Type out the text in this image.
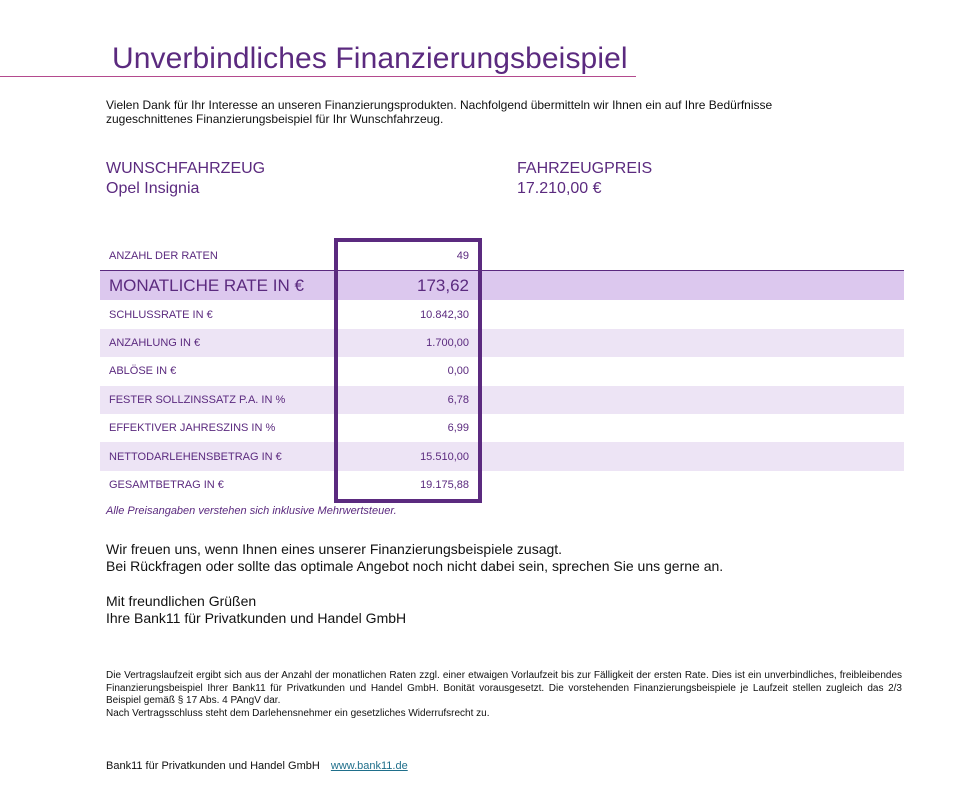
Unverbindliches Finanzierungsbeispiel
Vielen Dank für Ihr Interesse an unseren Finanzierungsprodukten. Nachfolgend übermitteln wir Ihnen ein auf Ihre Bedürfnisse
zugeschnittenes Finanzierungsbeispiel für Ihr Wunschfahrzeug.
WUNSCHFAHRZEUG
Opel Insignia
FAHRZEUGPREIS
17.210,00 €
ANZAHL DER RATEN	49
MONATLICHE RATE IN €	173,62
SCHLUSSRATE IN €	10.842,30
ANZAHLUNG IN €	1.700,00
ABLÖSE IN €	0,00
FESTER SOLLZINSSATZ P.A. IN %	6,78
EFFEKTIVER JAHRESZINS IN %	6,99
NETTODARLEHENSBETRAG IN €	15.510,00
GESAMTBETRAG IN €	19.175,88
Alle Preisangaben verstehen sich inklusive Mehrwertsteuer.
Wir freuen uns, wenn Ihnen eines unserer Finanzierungsbeispiele zusagt.
Bei Rückfragen oder sollte das optimale Angebot noch nicht dabei sein, sprechen Sie uns gerne an.
Mit freundlichen Grüßen
Ihre Bank11 für Privatkunden und Handel GmbH
Die Vertragslaufzeit ergibt sich aus der Anzahl der monatlichen Raten zzgl. einer etwaigen Vorlaufzeit bis zur Fälligkeit der ersten Rate. Dies ist ein unverbindliches, freibleibendes Finanzierungsbeispiel Ihrer Bank11 für Privatkunden und Handel GmbH. Bonität vorausgesetzt. Die vorstehenden Finanzierungsbeispiele je Laufzeit stellen zugleich das 2/3 Beispiel gemäß § 17 Abs. 4 PAngV dar.
Nach Vertragsschluss steht dem Darlehensnehmer ein gesetzliches Widerrufsrecht zu.
Bank11 für Privatkunden und Handel GmbH www.bank11.de
